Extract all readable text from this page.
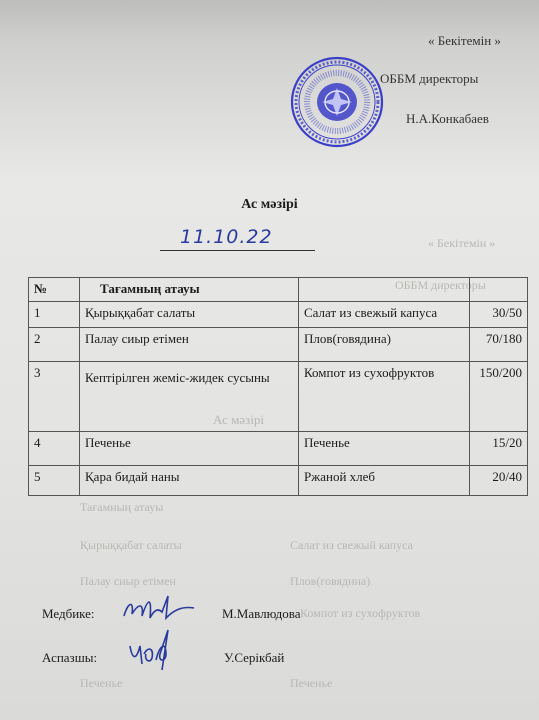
« Бекітемін »
ОББМ директоры
Ас мәзірі
Тағамның атауы
Қырыққабат салаты	Салат из свежый капуса
Палау сиыр етімен	Плов(говядина)
Компот из сухофруктов
Печенье	Печенье
« Бекітемін »
ОББМ директоры
Н.А.Конкабаев
Ас мәзірі
11.10.22
№	Тағамның атауы		
1	Қырыққабат салаты	Салат из свежый капуса	30/50
2	Палау сиыр етімен	Плов(говядина)	70/180
3	Кептірілген жеміс-жидек сусыны	Компот из сухофруктов	150/200
4	Печенье	Печенье	15/20
5	Қара бидай наны	Ржаной хлеб	20/40
Медбике:	М.Мавлюдова
Аспазшы:	У.Серікбай
